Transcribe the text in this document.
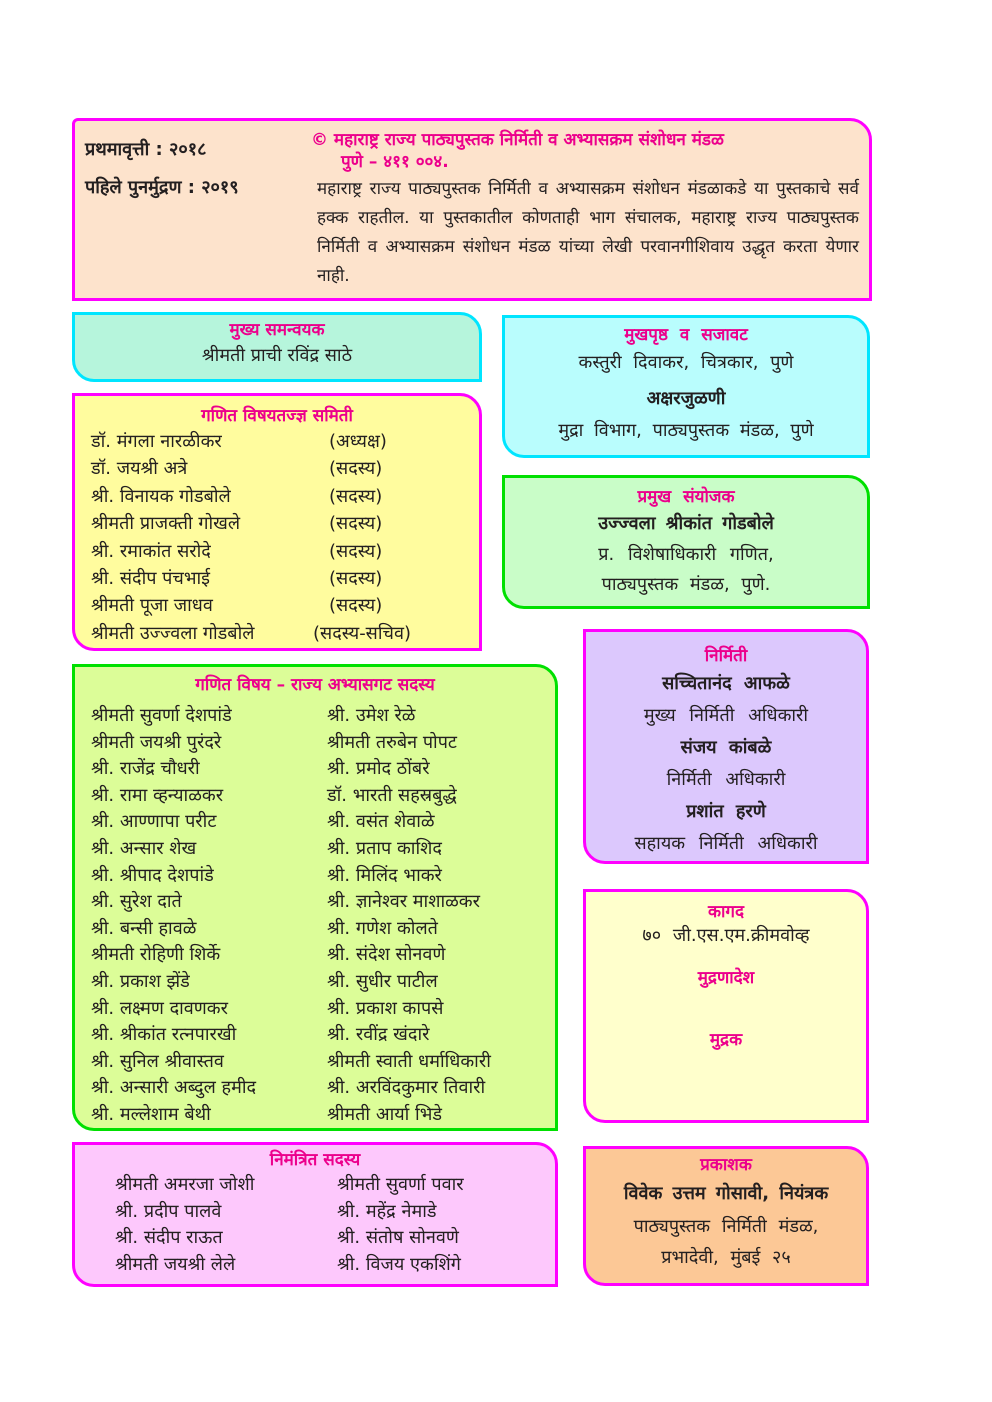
प्रथमावृत्ती : २०१८
पहिले पुनर्मुद्रण : २०१९
© महाराष्ट्र राज्य पाठ्यपुस्तक निर्मिती व अभ्यासक्रम संशोधन मंडळ
पुणे – ४११ ००४.
महाराष्ट्र राज्य पाठ्यपुस्तक निर्मिती व अभ्यासक्रम संशोधन मंडळाकडे या पुस्तकाचे सर्व हक्क राहतील. या पुस्तकातील कोणताही भाग संचालक, महाराष्ट्र राज्य पाठ्यपुस्तक निर्मिती व अभ्यासक्रम संशोधन मंडळ यांच्या लेखी परवानगीशिवाय उद्धृत करता येणार नाही.
मुख्य समन्वयक
श्रीमती प्राची रविंद्र साठे
गणित विषयतज्ज्ञ समिती
डॉ. मंगला नारळीकर	(अध्यक्ष)
डॉ. जयश्री अत्रे	(सदस्य)
श्री. विनायक गोडबोले	(सदस्य)
श्रीमती प्राजक्ती गोखले	(सदस्य)
श्री. रमाकांत सरोदे	(सदस्य)
श्री. संदीप पंचभाई	(सदस्य)
श्रीमती पूजा जाधव	(सदस्य)
श्रीमती उज्ज्वला गोडबोले	(सदस्य-सचिव)
गणित विषय – राज्य अभ्यासगट सदस्य
श्रीमती सुवर्णा देशपांडे	श्री. उमेश रेळे
श्रीमती जयश्री पुरंदरे	श्रीमती तरुबेन पोपट
श्री. राजेंद्र चौधरी	श्री. प्रमोद ठोंबरे
श्री. रामा व्हन्याळकर	डॉ. भारती सहस्रबुद्धे
श्री. आण्णापा परीट	श्री. वसंत शेवाळे
श्री. अन्सार शेख	श्री. प्रताप काशिद
श्री. श्रीपाद देशपांडे	श्री. मिलिंद भाकरे
श्री. सुरेश दाते	श्री. ज्ञानेश्वर माशाळकर
श्री. बन्सी हावळे	श्री. गणेश कोलते
श्रीमती रोहिणी शिर्के	श्री. संदेश सोनवणे
श्री. प्रकाश झेंडे	श्री. सुधीर पाटील
श्री. लक्ष्मण दावणकर	श्री. प्रकाश कापसे
श्री. श्रीकांत रत्नपारखी	श्री. रवींद्र खंदारे
श्री. सुनिल श्रीवास्तव	श्रीमती स्वाती धर्माधिकारी
श्री. अन्सारी अब्दुल हमीद	श्री. अरविंदकुमार तिवारी
श्री. मल्लेशाम बेथी	श्रीमती आर्या भिडे
निमंत्रित सदस्य
श्रीमती अमरजा जोशी	श्रीमती सुवर्णा पवार
श्री. प्रदीप पालवे	श्री. महेंद्र नेमाडे
श्री. संदीप राऊत	श्री. संतोष सोनवणे
श्रीमती जयश्री लेले	श्री. विजय एकशिंगे
मुखपृष्ठ व सजावट
कस्तुरी दिवाकर, चित्रकार, पुणे
अक्षरजुळणी
मुद्रा विभाग, पाठ्यपुस्तक मंडळ, पुणे
प्रमुख संयोजक
उज्ज्वला श्रीकांत गोडबोले
प्र. विशेषाधिकारी गणित,
पाठ्यपुस्तक मंडळ, पुणे.
निर्मिती
सच्चितानंद आफळे
मुख्य निर्मिती अधिकारी
संजय कांबळे
निर्मिती अधिकारी
प्रशांत हरणे
सहायक निर्मिती अधिकारी
कागद
७० जी.एस.एम.क्रीमवोव्ह
मुद्रणादेश
मुद्रक
प्रकाशक
विवेक उत्तम गोसावी, नियंत्रक
पाठ्यपुस्तक निर्मिती मंडळ,
प्रभादेवी, मुंबई २५
